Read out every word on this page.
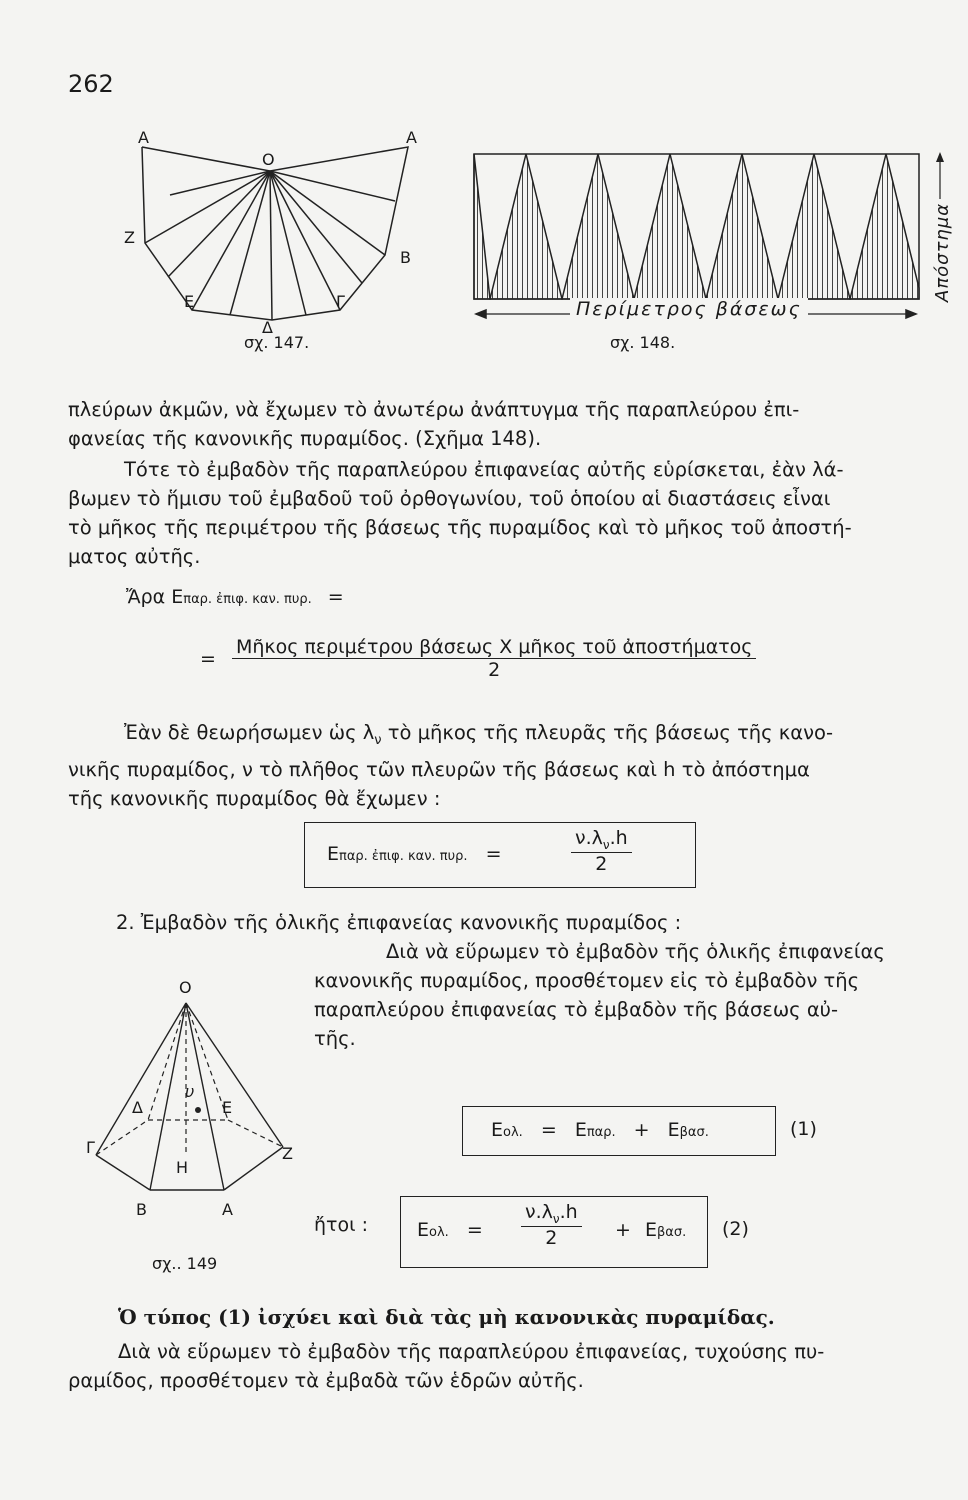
262
A
O
A
Z
B
E	Γ
Δ
σχ. 147.
Περίμετρος βάσεως
Απόστημα
σχ. 148.
πλεύρων ἀκμῶν, νὰ ἔχωμεν τὸ ἀνωτέρω ἀνάπτυγμα τῆς παραπλεύρου ἐπι-
φανείας τῆς κανονικῆς πυραμίδος. (Σχῆμα 148).
Τότε τὸ ἐμβαδὸν τῆς παραπλεύρου ἐπιφανείας αὐτῆς εὑρίσκεται, ἐὰν λά-
βωμεν τὸ ἥμισυ τοῦ ἐμβαδοῦ τοῦ ὀρθογωνίου, τοῦ ὁποίου αἱ διαστάσεις εἶναι
τὸ μῆκος τῆς περιμέτρου τῆς βάσεως τῆς πυραμίδος καὶ τὸ μῆκος τοῦ ἀποστή-
ματος αὐτῆς.
Ἄρα Επαρ. ἐπιφ. καν. πυρ. =
= $\frac{\text{Μῆκος περιμέτρου βάσεως X μῆκος τοῦ ἀποστήματος}}{2}$
Ἐὰν δὲ θεωρήσωμεν ὡς $\lambda_\nu$ τὸ μῆκος τῆς πλευρᾶς τῆς βάσεως τῆς κανο-
νικῆς πυραμίδος, ν τὸ πλῆθος τῶν πλευρῶν τῆς βάσεως καὶ h τὸ ἀπόστημα
τῆς κανονικῆς πυραμίδος θὰ ἔχωμεν :
Επαρ. ἐπιφ. καν. πυρ. =	$\frac{\nu.\lambda_\nu.h}{2}$
2. Ἐμβαδὸν τῆς ὁλικῆς ἐπιφανείας κανονικῆς πυραμίδος :
Διὰ νὰ εὕρωμεν τὸ ἐμβαδὸν τῆς ὁλικῆς ἐπιφανείας
κανονικῆς πυραμίδος, προσθέτομεν εἰς τὸ ἐμβαδὸν τῆς
παραπλεύρου ἐπιφανείας τὸ ἐμβαδὸν τῆς βάσεως αὐ-
τῆς.
O
υ
Δ	E
Γ
H
Z
B	A
σχ.. 149
Εολ. = Επαρ. + Εβασ.	(1)
ἤτοι :	Εολ. = $\frac{\nu.\lambda_\nu.h}{2} + E\beta\alpha\sigma$. (2)
Ὁ τύπος (1) ἰσχύει καὶ διὰ τὰς μὴ κανονικὰς πυραμίδας.
Διὰ νὰ εὕρωμεν τὸ ἐμβαδὸν τῆς παραπλεύρου ἐπιφανείας, τυχούσης πυ-
ραμίδος, προσθέτομεν τὰ ἐμβαδὰ τῶν ἑδρῶν αὐτῆς.
